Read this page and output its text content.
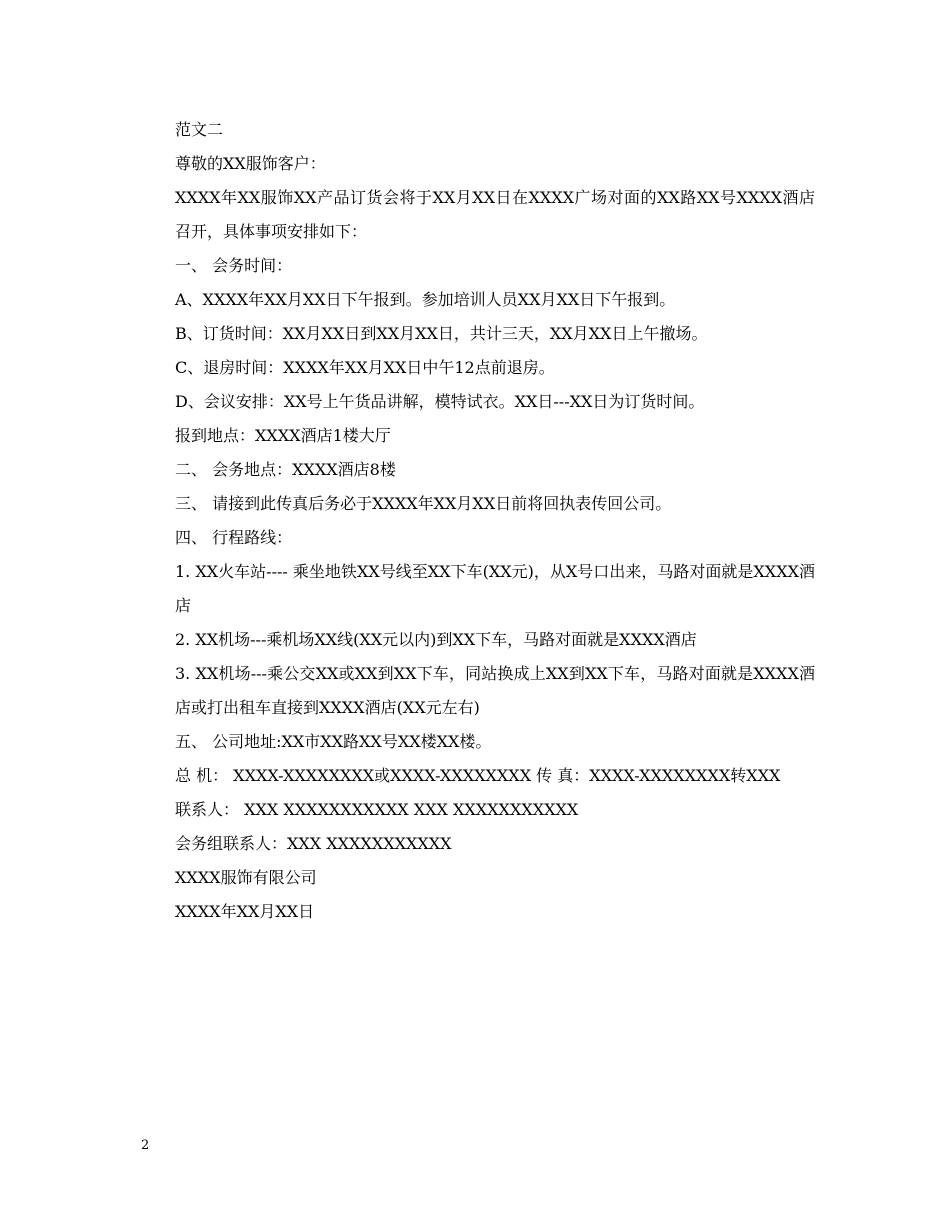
范文二
尊敬的XX服饰客户：
XXXX年XX服饰XX产品订货会将于XX月XX日在XXXX广场对面的XX路XX号XXXX酒店召开，具体事项安排如下：
一、 会务时间：
A、XXXX年XX月XX日下午报到。参加培训人员XX月XX日下午报到。
B、订货时间：XX月XX日到XX月XX日，共计三天，XX月XX日上午撤场。
C、退房时间：XXXX年XX月XX日中午12点前退房。
D、会议安排：XX号上午货品讲解，模特试衣。XX日---XX日为订货时间。
报到地点：XXXX酒店1楼大厅
二、 会务地点：XXXX酒店8楼
三、 请接到此传真后务必于XXXX年XX月XX日前将回执表传回公司。
四、 行程路线：
1. XX火车站---- 乘坐地铁XX号线至XX下车(XX元)，从X号口出来，马路对面就是XXXX酒店
2. XX机场---乘机场XX线(XX元以内)到XX下车，马路对面就是XXXX酒店
3. XX机场---乘公交XX或XX到XX下车，同站换成上XX到XX下车，马路对面就是XXXX酒店或打出租车直接到XXXX酒店(XX元左右)
五、 公司地址:XX市XX路XX号XX楼XX楼。
总 机： XXXX-XXXXXXXX或XXXX-XXXXXXXX 传 真：XXXX-XXXXXXXX转XXX
联系人： XXX XXXXXXXXXXX XXX XXXXXXXXXXX
会务组联系人：XXX XXXXXXXXXXX
XXXX服饰有限公司
XXXX年XX月XX日
2
